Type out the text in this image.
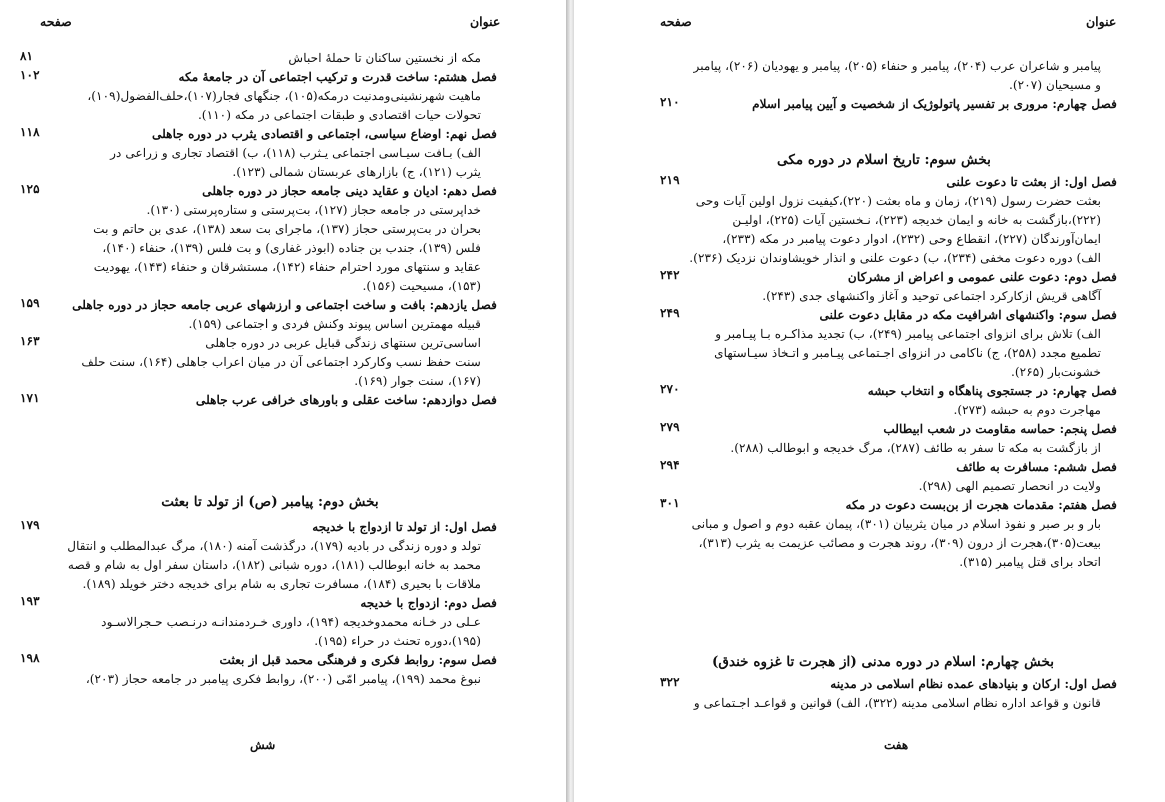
صفحه	عنوان
مکه از نخستین ساکنان تا حملهٔ احباش
فصل هشتم: ساخت قدرت و ترکیب اجتماعی آن در جامعهٔ مکه
ماهیت شهرنشینی‌ومدنیت درمکه(۱۰۵)، جنگهای فجار(۱۰۷)،حلف‌الفضول(۱۰۹)،
تحولات حیات اقتصادی و طبقات اجتماعی در مکه (۱۱۰).
فصل نهم: اوضاع سیاسی، اجتماعی و اقتصادی یثرب در دوره جاهلی
الف) بـافت سیـاسی اجتماعی یـثرب (۱۱۸)، ب) اقتصاد تجاری و زراعی در
یثرب (۱۲۱)، ج) بازارهای عربستان شمالی (۱۲۳).
فصل دهم: ادیان و عقاید دینی جامعه حجاز در دوره جاهلی
خداپرستی در جامعه حجاز (۱۲۷)، بت‌پرستی و ستاره‌پرستی (۱۳۰).
بحران در بت‌پرستی حجاز (۱۳۷)، ماجرای بت سعد (۱۳۸)، عدی بن حاتم و بت
فلس (۱۳۹)، جندب بن جناده (ابوذر غفاری) و بت فلس (۱۳۹)، حنفاء (۱۴۰)،
عقاید و سنتهای مورد احترام حنفاء (۱۴۲)، مستشرقان و حنفاء (۱۴۳)، یهودیت
(۱۵۳)، مسیحیت (۱۵۶).
فصل یازدهم: بافت و ساخت اجتماعی و ارزشهای عربی جامعه حجاز در دوره جاهلی
قبیله مهمترین اساس پیوند وکنش فردی و اجتماعی (۱۵۹).
اساسی‌ترین سنتهای زندگی قبایل عربی در دوره جاهلی
سنت حفظ نسب وکارکرد اجتماعی آن در میان اعراب جاهلی (۱۶۴)، سنت حلف
(۱۶۷)، سنت جوار (۱۶۹).
فصل دوازدهم: ساخت عقلی و باورهای خرافی عرب جاهلی
۸۱
۱۰۲
۱۱۸
۱۲۵
۱۵۹
۱۶۳
۱۷۱
بخش دوم: پیامبر (ص) از تولد تا بعثت
فصل اول: از تولد تا ازدواج با خدیجه
تولد و دوره زندگی در بادیه (۱۷۹)، درگذشت آمنه (۱۸۰)، مرگ عبدالمطلب و انتقال
محمد به خانه ابوطالب (۱۸۱)، دوره شبانی (۱۸۲)، داستان سفر اول به شام و قصه
ملاقات با بحیری (۱۸۴)، مسافرت تجاری به شام برای خدیجه دختر خویلد (۱۸۹).
فصل دوم: ازدواج با خدیجه
عـلی در خـانه محمدوخدیجه (۱۹۴)، داوری خـردمندانـه درنـصب حـجرالاسـود
(۱۹۵)،دوره تحنث در حراء (۱۹۵).
فصل سوم: روابط فکری و فرهنگی محمد قبل از بعثت
نبوغ محمد (۱۹۹)، پیامبر امّی (۲۰۰)، روابط فکری پیامبر در جامعه حجاز (۲۰۳)،
۱۷۹
۱۹۳
۱۹۸
شش
صفحه	عنوان
پیامبر و شاعران عرب (۲۰۴)، پیامبر و حنفاء (۲۰۵)، پیامبر و یهودیان (۲۰۶)، پیامبر
و مسیحیان (۲۰۷).
فصل چهارم: مروری بر تفسیر پاتولوژیک از شخصیت و آیین پیامبر اسلام
۲۱۰
بخش سوم: تاریخ اسلام در دوره مکی
فصل اول: از بعثت تا دعوت علنی
بعثت حضرت رسول (۲۱۹)، زمان و ماه بعثت (۲۲۰)،کیفیت نزول اولین آیات وحی
(۲۲۲)،بازگشت به خانه و ایمان خدیجه (۲۲۳)، نـخستین آیات (۲۲۵)، اولیـن
ایمان‌آورندگان (۲۲۷)، انقطاع وحی (۲۳۲)، ادوار دعوت پیامبر در مکه (۲۳۳)،
الف) دوره دعوت مخفی (۲۳۴)، ب) دعوت علنی و انذار خویشاوندان نزدیک (۲۳۶).
فصل دوم: دعوت علنی عمومی و اعراض از مشرکان
آگاهی قریش ازکارکرد اجتماعی توحید و آغاز واکنشهای جدی (۲۴۳).
فصل سوم: واکنشهای اشرافیت مکه در مقابل دعوت علنی
الف) تلاش برای انزوای اجتماعی پیامبر (۲۴۹)، ب) تجدید مذاکـره بـا پیـامبر و
تطمیع مجدد (۲۵۸)، ج) ناکامی در انزوای اجـتماعی پیـامبر و اتـخاذ سیـاستهای
خشونت‌بار (۲۶۵).
فصل چهارم: در جستجوی پناهگاه و انتخاب حبشه
مهاجرت دوم به حبشه (۲۷۳).
فصل پنجم: حماسه مقاومت در شعب ابیطالب
از بازگشت به مکه تا سفر به طائف (۲۸۷)، مرگ خدیجه و ابوطالب (۲۸۸).
فصل ششم: مسافرت به طائف
ولایت در انحصار تصمیم الهی (۲۹۸).
فصل هفتم: مقدمات هجرت از بن‌بست دعوت در مکه
بار و بر صبر و نفوذ اسلام در میان یثربیان (۳۰۱)، پیمان عقبه دوم و اصول و مبانی
بیعت(۳۰۵)،هجرت از درون (۳۰۹)، روند هجرت و مصائب عزیمت به یثرب (۳۱۳)،
اتحاد برای قتل پیامبر (۳۱۵).
۲۱۹
۲۴۲
۲۴۹
۲۷۰
۲۷۹
۲۹۴
۳۰۱
بخش چهارم: اسلام در دوره مدنی (از هجرت تا غزوه خندق)
فصل اول: ارکان و بنیادهای عمده نظام اسلامی در مدینه
قانون و قواعد اداره نظام اسلامی مدینه (۳۲۲)، الف) قوانین و قواعـد اجـتماعی و
۳۲۲
هفت
